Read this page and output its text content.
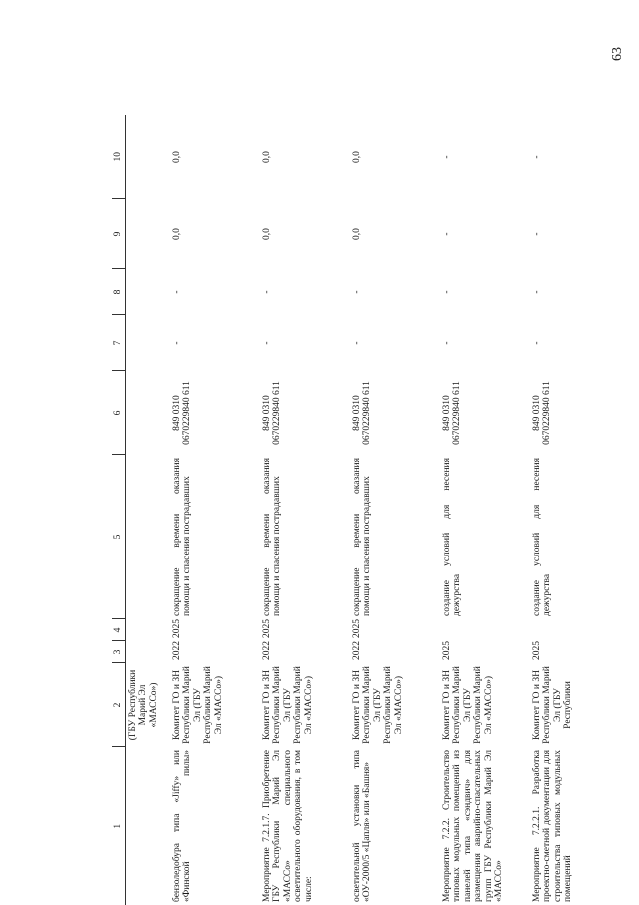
63
1	2	3	4	5	6	7	8	9	10
	(ГБУ Республики Марий Эл «МАССо»)								
бензоледобура типа «Jiffy» или «Финской пилы»	Комитет ГО и ЗН Республики Марий Эл (ГБУ Республики Марий Эл «МАССо»)	2022	2025	сокращение времени оказания помощи и спасения пострадавших	849 0310 0670229840 611	-	-	0,0	0,0
Мероприятие 7.2.1.7. Приобретение ГБУ Республики Марий Эл «МАССо» специального осветительного оборудования, в том числе:	Комитет ГО и ЗН Республики Марий Эл (ГБУ Республики Марий Эл «МАССо»)	2022	2025	сокращение времени оказания помощи и спасения пострадавших	849 0310 0670229840 611	-	-	0,0	0,0
осветительной установки типа «ОУ-2000/5 «Цапля» или «Башня»	Комитет ГО и ЗН Республики Марий Эл (ГБУ Республики Марий Эл «МАССо»)	2022	2025	сокращение времени оказания помощи и спасения пострадавших	849 0310 0670229840 611	-	-	0,0	0,0
Мероприятие 7.2.2. Строительство типовых модульных помещений из панелей типа «сэндвич» для размещения аварийно-спасательных групп ГБУ Республики Марий Эл «МАССо»	Комитет ГО и ЗН Республики Марий Эл (ГБУ Республики Марий Эл «МАССо»)	2025		создание условий для несения дежурства	849 0310 0670229840 611	-	-	-	-
Мероприятие 7.2.2.1. Разработка проектно-сметной документации для строительства типовых модульных помещений	Комитет ГО и ЗН Республики Марий Эл (ГБУ Республики	2025		создание условий для несения дежурства	849 0310 0670229840 611	-	-	-	-
